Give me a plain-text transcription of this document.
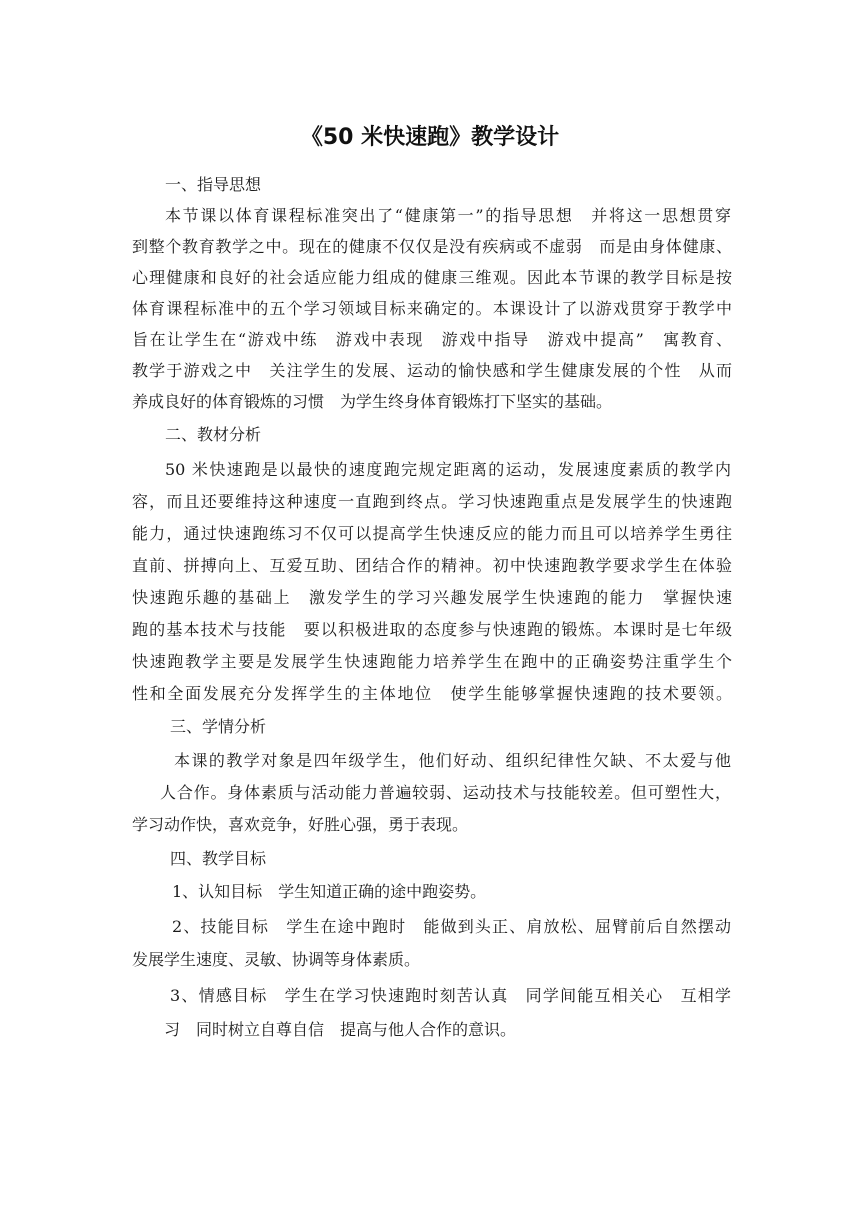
《50 米快速跑》教学设计
一、指导思想
本节课以体育课程标准突出了“健康第一”的指导思想　并将这一思想贯穿
到整个教育教学之中。现在的健康不仅仅是没有疾病或不虚弱　而是由身体健康、
心理健康和良好的社会适应能力组成的健康三维观。因此本节课的教学目标是按
体育课程标准中的五个学习领域目标来确定的。本课设计了以游戏贯穿于教学中
旨在让学生在“游戏中练　游戏中表现　游戏中指导　游戏中提高”　寓教育、
教学于游戏之中　关注学生的发展、运动的愉快感和学生健康发展的个性　从而
养成良好的体育锻炼的习惯　为学生终身体育锻炼打下坚实的基础。
二、教材分析
50 米快速跑是以最快的速度跑完规定距离的运动，发展速度素质的教学内
容，而且还要维持这种速度一直跑到终点。学习快速跑重点是发展学生的快速跑
能力，通过快速跑练习不仅可以提高学生快速反应的能力而且可以培养学生勇往
直前、拼搏向上、互爱互助、团结合作的精神。初中快速跑教学要求学生在体验
快速跑乐趣的基础上　激发学生的学习兴趣发展学生快速跑的能力　掌握快速
跑的基本技术与技能　要以积极进取的态度参与快速跑的锻炼。本课时是七年级
快速跑教学主要是发展学生快速跑能力培养学生在跑中的正确姿势注重学生个
性和全面发展充分发挥学生的主体地位　使学生能够掌握快速跑的技术要领。
三、学情分析
本课的教学对象是四年级学生，他们好动、组织纪律性欠缺、不太爱与他
人合作。身体素质与活动能力普遍较弱、运动技术与技能较差。但可塑性大，
学习动作快，喜欢竞争，好胜心强，勇于表现。
四、教学目标
1、认知目标　学生知道正确的途中跑姿势。
2、技能目标　学生在途中跑时　能做到头正、肩放松、屈臂前后自然摆动
发展学生速度、灵敏、协调等身体素质。
3、情感目标　学生在学习快速跑时刻苦认真　同学间能互相关心　互相学
习　同时树立自尊自信　提高与他人合作的意识。
